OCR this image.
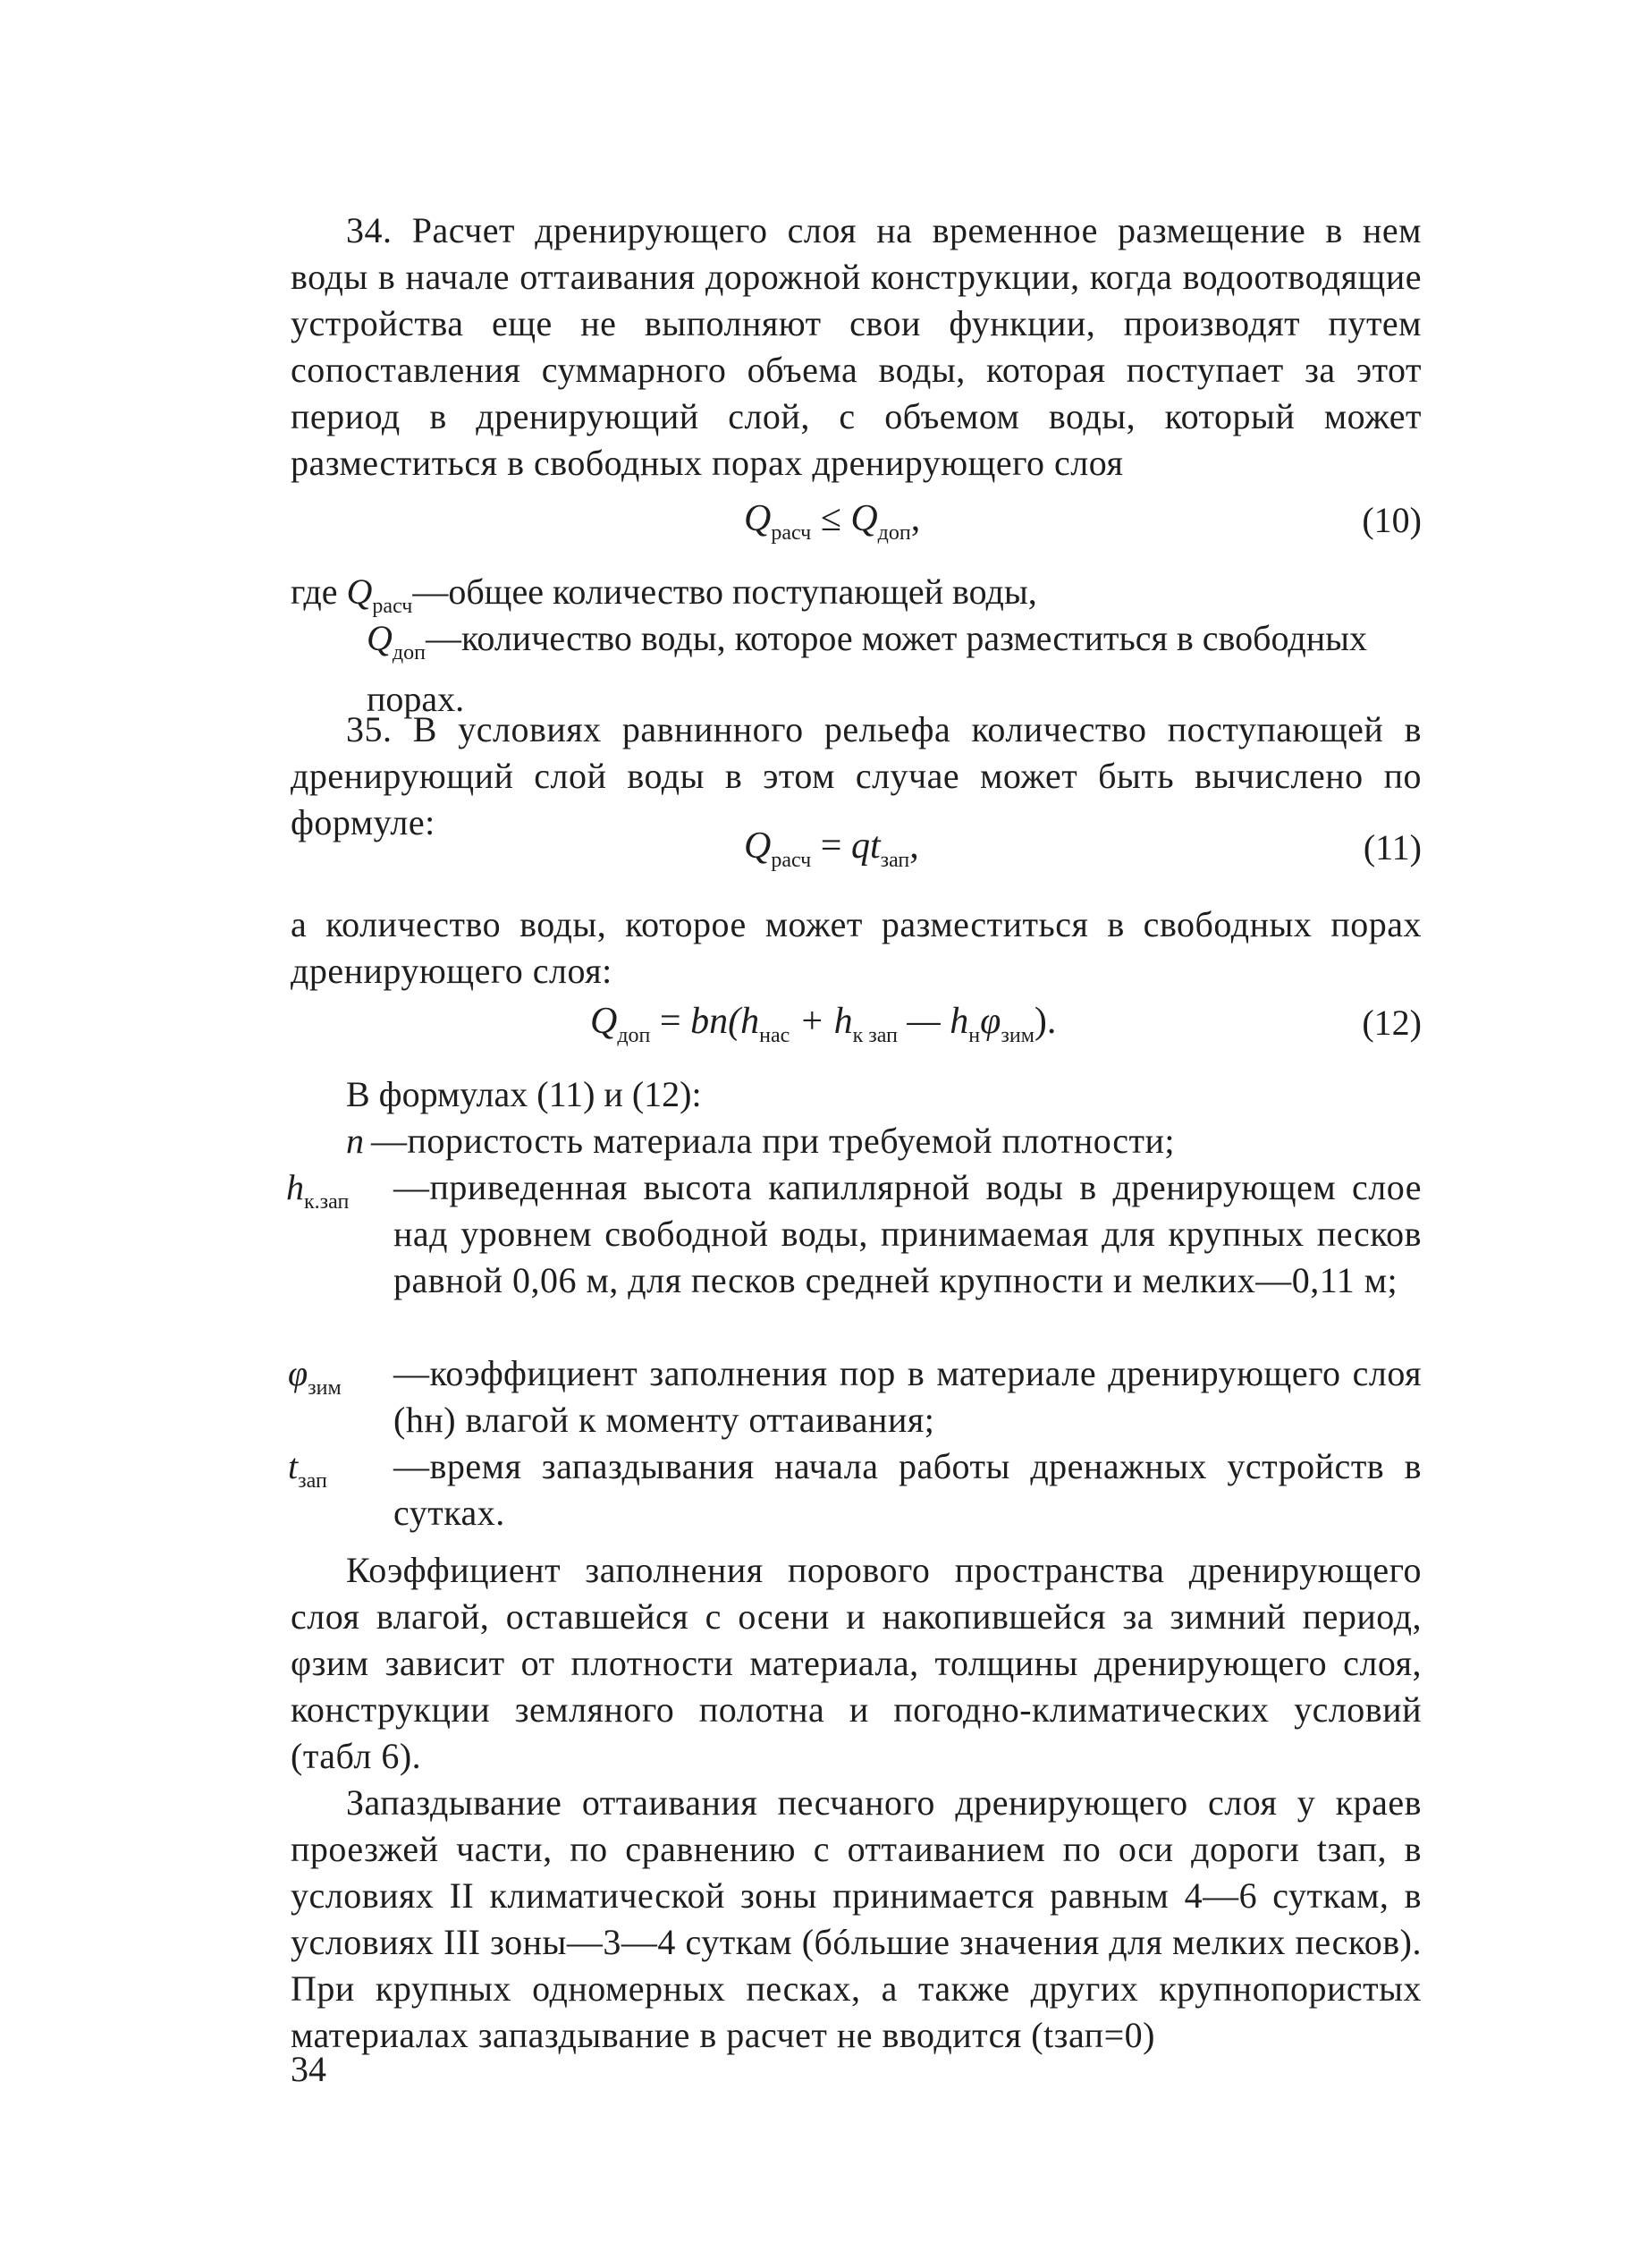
34. Расчет дренирующего слоя на временное размещение в нем воды в начале оттаивания дорожной конструкции, когда водоотводящие устройства еще не выполняют свои функции, производят путем сопоставления суммарного объема воды, которая поступает за этот период в дренирующий слой, с объемом воды, который может разместиться в свободных порах дренирующего слоя

$Q_{расч} \le Q_{доп}$,	(10)
где $Q_{расч}—общее$ количество поступающей воды,
$Q_{доп}—количество$ воды, которое может разместиться в свободных порах.

35. В условиях равнинного рельефа количество поступающей в дренирующий слой воды в этом случае может быть вычислено по формуле:

$Q_{расч} = qt_{зап}$,	(11)

а количество воды, которое может разместиться в свободных порах дренирующего слоя:

$Q_{доп} = bn(h_{нас} + h_{к зап}$ — $h_н\varphi_{зим}$).	(12)
В формулах (11) и (12):
n —пористость материала при требуемой плотности;
$h_{к.зап}$ —приведенная высота капиллярной воды в дренирующем слое над уровнем свободной воды, принимаемая для крупных песков равной 0,06 м, для песков средней крупности и мелких—0,11 м;
$\varphi_{зим}$ —коэффициент заполнения пор в материале дренирующего слоя (hн) влагой к моменту оттаивания;
$t_{зап}$ —время запаздывания начала работы дренажных устройств в сутках.

Коэффициент заполнения порового пространства дренирующего слоя влагой, оставшейся с осени и накопившейся за зимний период, φзим зависит от плотности материала, толщины дренирующего слоя, конструкции земляного полотна и погодно-климатических условий (табл 6).

Запаздывание оттаивания песчаного дренирующего слоя у краев проезжей части, по сравнению с оттаиванием по оси дороги tзап, в условиях II климатической зоны принимается равным 4—6 суткам, в условиях III зоны—3—4 суткам (бóльшие значения для мелких песков). При крупных одномерных песках, а также других крупнопористых материалах запаздывание в расчет не вводится (tзап=0)

34
